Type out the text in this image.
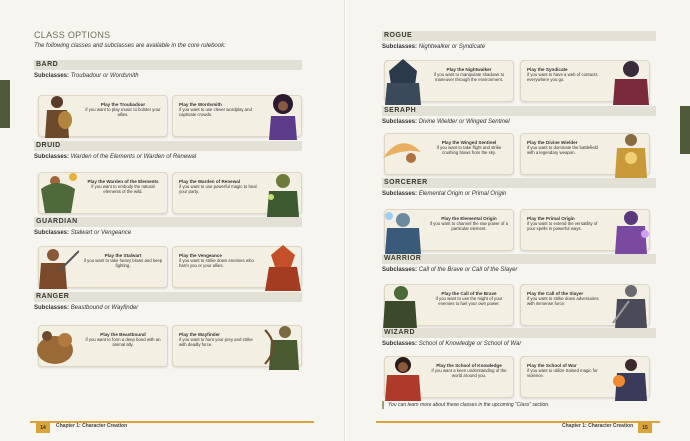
CLASS OPTIONS
The following classes and subclasses are available in the core rulebook:
BARD
Subclasses: Troubadour or Wordsmith
Play the Troubadour
if you want to play music to bolster your allies.
Play the Wordsmith
if you want to use clever wordplay and captivate crowds.
DRUID
Subclasses: Warden of the Elements or Warden of Renewal
Play the Warden of the Elements
if you want to embody the natural elements of the wild.
Play the Warden of Renewal
if you want to use powerful magic to heal your party.
GUARDIAN
Subclasses: Stalwart or Vengeance
Play the Stalwart
if you want to take heavy blows and keep fighting.
Play the Vengeance
if you want to strike down enemies who harm you or your allies.
RANGER
Subclasses: Beastbound or Wayfinder
Play the Beastbound
if you want to form a deep bond with an animal ally.
Play the Wayfinder
if you want to hunt your prey and strike with deadly force.
14	Chapter 1: Character Creation
ROGUE
Subclasses: Nightwalker or Syndicate
Play the Nightwalker
if you want to manipulate shadows to maneuver through the environment.
Play the Syndicate
if you want to have a web of contacts everywhere you go.
SERAPH
Subclasses: Divine Wielder or Winged Sentinel
Play the Winged Sentinel
if you want to take flight and strike crushing blows from the sky.
Play the Divine Wielder
if you want to dominate the battlefield with a legendary weapon.
SORCERER
Subclasses: Elemental Origin or Primal Origin
Play the Elemental Origin
if you want to channel the raw power of a particular element.
Play the Primal Origin
if you want to extend the versatility of your spells in powerful ways.
WARRIOR
Subclasses: Call of the Brave or Call of the Slayer
Play the Call of the Brave
if you want to use the might of your enemies to fuel your own power.
Play the Call of the Slayer
if you want to strike down adversaries with immense force.
WIZARD
Subclasses: School of Knowledge or School of War
Play the School of Knowledge
if you want a keen understanding of the world around you.
Play the School of War
if you want to utilize trained magic for violence.
You can learn more about these classes in the upcoming “Class” section.
Chapter 1: Character Creation	15
